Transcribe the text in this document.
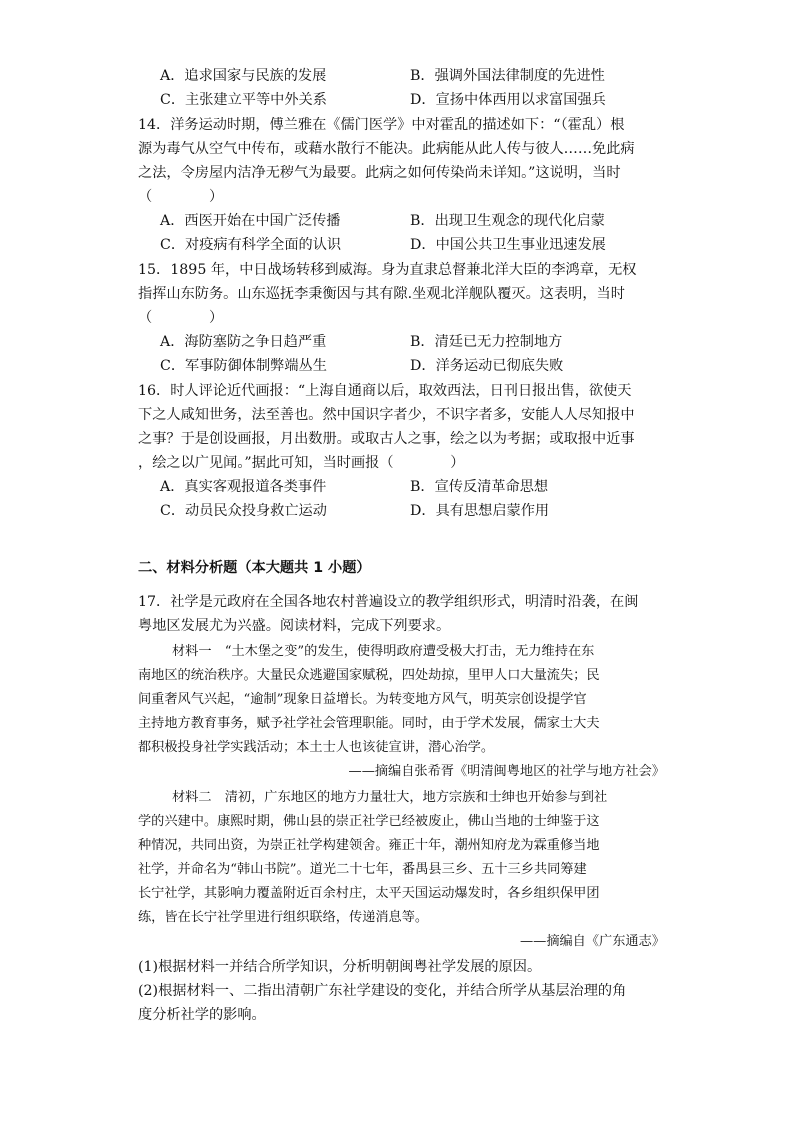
A．追求国家与民族的发展	B．强调外国法律制度的先进性
C．主张建立平等中外关系	D．宣扬中体西用以求富国强兵
14．洋务运动时期，傅兰雅在《儒门医学》中对霍乱的描述如下：“（霍乱）根
源为毒气从空气中传布，或藉水散行不能决。此病能从此人传与彼人……免此病
之法，令房屋内洁净无秽气为最要。此病之如何传染尚未详知。”这说明，当时
（　　　　）
A．西医开始在中国广泛传播	B．出现卫生观念的现代化启蒙
C．对疫病有科学全面的认识	D．中国公共卫生事业迅速发展
15．1895 年，中日战场转移到威海。身为直隶总督兼北洋大臣的李鸿章，无权
指挥山东防务。山东巡抚李秉衡因与其有隙.坐观北洋舰队覆灭。这表明，当时
（　　　　）
A．海防塞防之争日趋严重	B．清廷已无力控制地方
C．军事防御体制弊端丛生	D．洋务运动已彻底失败
16．时人评论近代画报：“上海自通商以后，取效西法，日刊日报出售，欲使天
下之人咸知世务，法至善也。然中国识字者少，不识字者多，安能人人尽知报中
之事？于是创设画报，月出数册。或取古人之事，绘之以为考据；或取报中近事
，绘之以广见闻。”据此可知，当时画报（　　　　）
A．真实客观报道各类事件	B．宣传反清革命思想
C．动员民众投身救亡运动	D．具有思想启蒙作用
二、材料分析题（本大题共 1 小题）
17．社学是元政府在全国各地农村普遍设立的教学组织形式，明清时沿袭，在闽
粤地区发展尤为兴盛。阅读材料，完成下列要求。
材料一　“土木堡之变”的发生，使得明政府遭受极大打击，无力维持在东
南地区的统治秩序。大量民众逃避国家赋税，四处劫掠，里甲人口大量流失；民
间重奢风气兴起，“逾制”现象日益增长。为转变地方风气，明英宗创设提学官
主持地方教育事务，赋予社学社会管理职能。同时，由于学术发展，儒家士大夫
都积极投身社学实践活动；本土士人也该徒宣讲，潜心治学。
——摘编自张希胥《明清闽粤地区的社学与地方社会》
材料二　清初，广东地区的地方力量壮大，地方宗族和士绅也开始参与到社
学的兴建中。康熙时期，佛山县的崇正社学已经被废止，佛山当地的士绅鉴于这
种情况，共同出资，为崇正社学构建领舍。雍正十年，潮州知府龙为霖重修当地
社学，并命名为“韩山书院”。道光二十七年，番禺县三乡、五十三乡共同筹建
长宁社学，其影响力覆盖附近百余村庄，太平天国运动爆发时，各乡组织保甲团
练，皆在长宁社学里进行组织联络，传递消息等。
——摘编自《广东通志》
(1)根据材料一并结合所学知识，分析明朝闽粤社学发展的原因。
(2)根据材料一、二指出清朝广东社学建设的变化，并结合所学从基层治理的角
度分析社学的影响。
